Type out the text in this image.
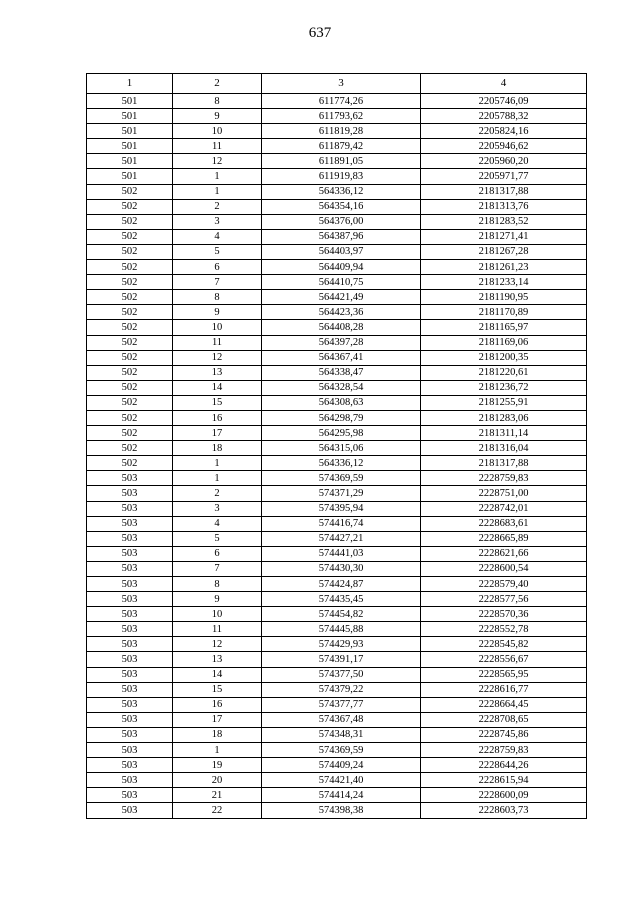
637
1	2	3	4
501	8	611774,26	2205746,09
501	9	611793,62	2205788,32
501	10	611819,28	2205824,16
501	11	611879,42	2205946,62
501	12	611891,05	2205960,20
501	1	611919,83	2205971,77
502	1	564336,12	2181317,88
502	2	564354,16	2181313,76
502	3	564376,00	2181283,52
502	4	564387,96	2181271,41
502	5	564403,97	2181267,28
502	6	564409,94	2181261,23
502	7	564410,75	2181233,14
502	8	564421,49	2181190,95
502	9	564423,36	2181170,89
502	10	564408,28	2181165,97
502	11	564397,28	2181169,06
502	12	564367,41	2181200,35
502	13	564338,47	2181220,61
502	14	564328,54	2181236,72
502	15	564308,63	2181255,91
502	16	564298,79	2181283,06
502	17	564295,98	2181311,14
502	18	564315,06	2181316,04
502	1	564336,12	2181317,88
503	1	574369,59	2228759,83
503	2	574371,29	2228751,00
503	3	574395,94	2228742,01
503	4	574416,74	2228683,61
503	5	574427,21	2228665,89
503	6	574441,03	2228621,66
503	7	574430,30	2228600,54
503	8	574424,87	2228579,40
503	9	574435,45	2228577,56
503	10	574454,82	2228570,36
503	11	574445,88	2228552,78
503	12	574429,93	2228545,82
503	13	574391,17	2228556,67
503	14	574377,50	2228565,95
503	15	574379,22	2228616,77
503	16	574377,77	2228664,45
503	17	574367,48	2228708,65
503	18	574348,31	2228745,86
503	1	574369,59	2228759,83
503	19	574409,24	2228644,26
503	20	574421,40	2228615,94
503	21	574414,24	2228600,09
503	22	574398,38	2228603,73
